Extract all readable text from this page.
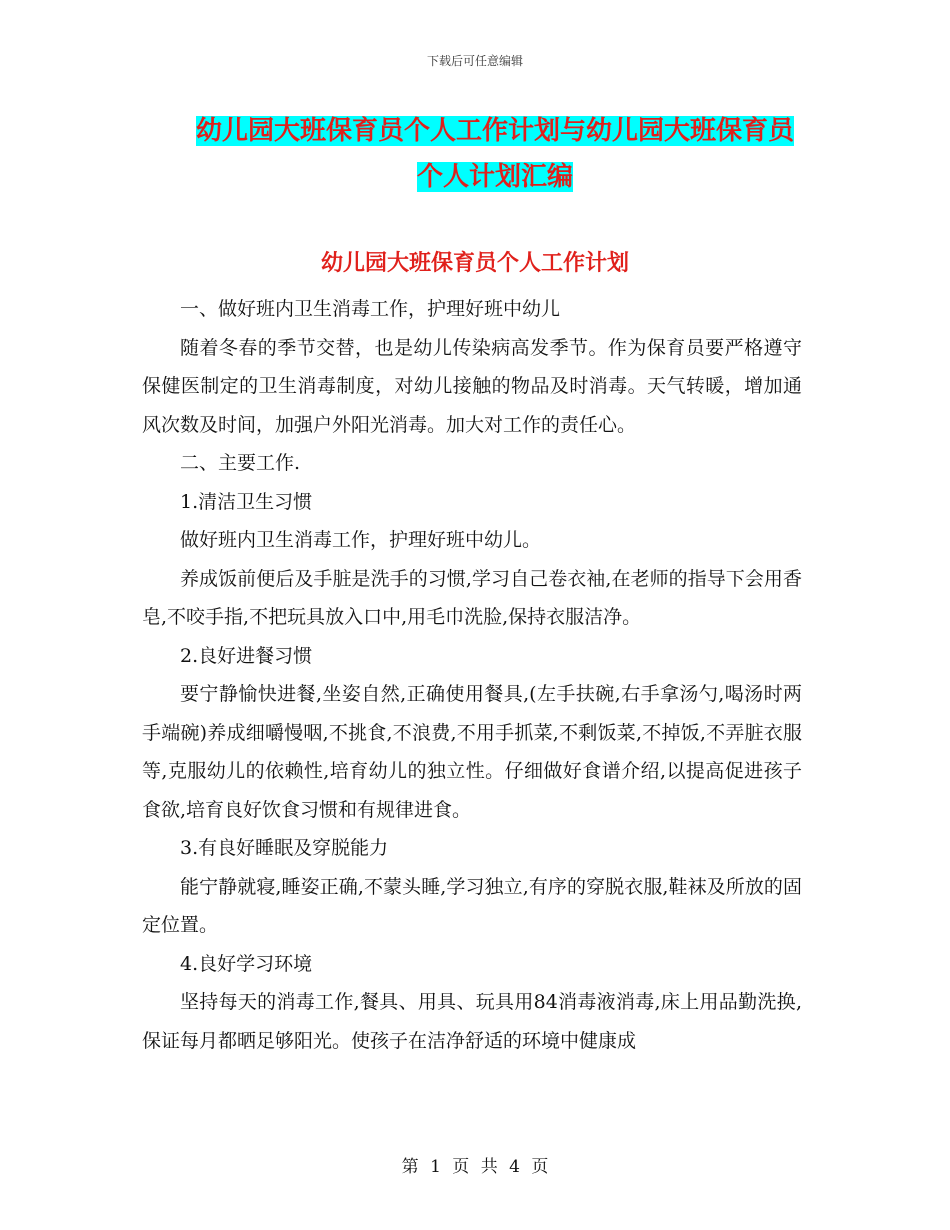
下载后可任意编辑
幼儿园大班保育员个人工作计划与幼儿园大班保育员
个人计划汇编
幼儿园大班保育员个人工作计划

一、做好班内卫生消毒工作，护理好班中幼儿

随着冬春的季节交替，也是幼儿传染病高发季节。作为保育员要严格遵守保健医制定的卫生消毒制度，对幼儿接触的物品及时消毒。天气转暖，增加通风次数及时间，加强户外阳光消毒。加大对工作的责任心。

二、主要工作.

1.清洁卫生习惯

做好班内卫生消毒工作，护理好班中幼儿。

养成饭前便后及手脏是洗手的习惯,学习自己卷衣袖,在老师的指导下会用香皂,不咬手指,不把玩具放入口中,用毛巾洗脸,保持衣服洁净。

2.良好进餐习惯

要宁静愉快进餐,坐姿自然,正确使用餐具,(左手扶碗,右手拿汤勺,喝汤时两手端碗)养成细嚼慢咽,不挑食,不浪费,不用手抓菜,不剩饭菜,不掉饭,不弄脏衣服等,克服幼儿的依赖性,培育幼儿的独立性。仔细做好食谱介绍,以提高促进孩子食欲,培育良好饮食习惯和有规律进食。

3.有良好睡眠及穿脱能力

能宁静就寝,睡姿正确,不蒙头睡,学习独立,有序的穿脱衣服,鞋袜及所放的固定位置。

4.良好学习环境

坚持每天的消毒工作,餐具、用具、玩具用84消毒液消毒,床上用品勤洗换,保证每月都晒足够阳光。使孩子在洁净舒适的环境中健康成

第 1 页 共 4 页
